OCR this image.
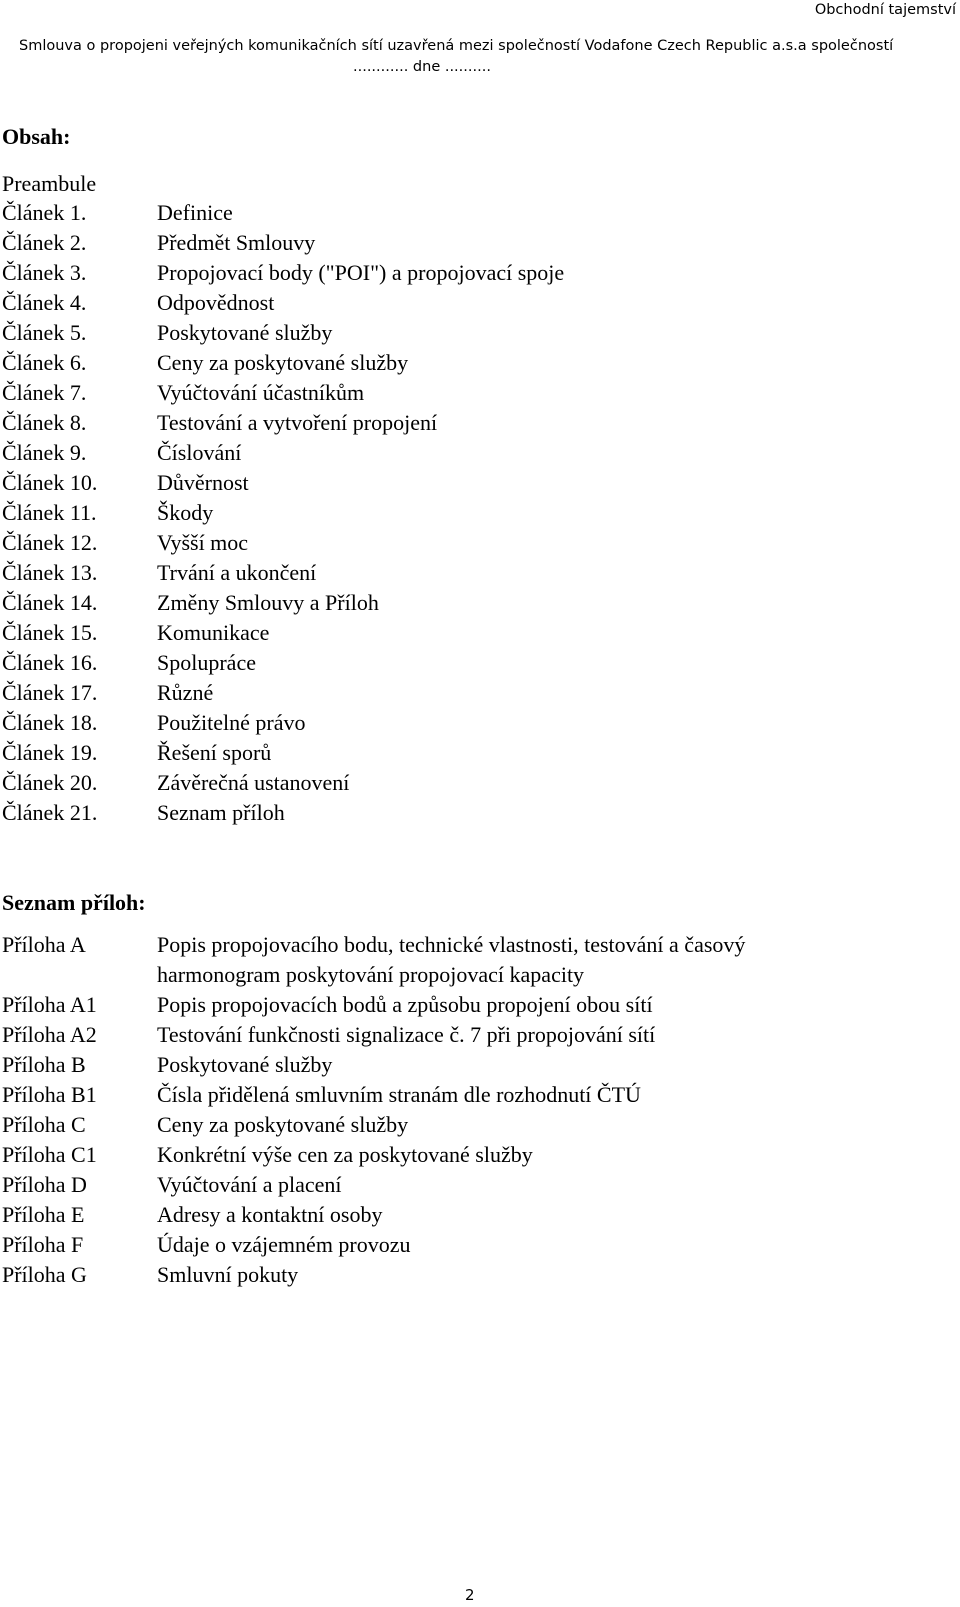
Obchodní tajemství
Smlouva o propojeni veřejných komunikačních sítí uzavřená mezi společností Vodafone Czech Republic a.s.a společností
............ dne ..........
Obsah:
Preambule
Článek 1.	Definice
Článek 2.	Předmět Smlouvy
Článek 3.	Propojovací body ("POI") a propojovací spoje
Článek 4.	Odpovědnost
Článek 5.	Poskytované služby
Článek 6.	Ceny za poskytované služby
Článek 7.	Vyúčtování účastníkům
Článek 8.	Testování a vytvoření propojení
Článek 9.	Číslování
Článek 10.	Důvěrnost
Článek 11.	Škody
Článek 12.	Vyšší moc
Článek 13.	Trvání a ukončení
Článek 14.	Změny Smlouvy a Příloh
Článek 15.	Komunikace
Článek 16.	Spolupráce
Článek 17.	Různé
Článek 18.	Použitelné právo
Článek 19.	Řešení sporů
Článek 20.	Závěrečná ustanovení
Článek 21.	Seznam příloh
Seznam příloh:
Příloha A	Popis propojovacího bodu, technické vlastnosti, testování a časový harmonogram poskytování propojovací kapacity
Příloha A1	Popis propojovacích bodů a způsobu propojení obou sítí
Příloha A2	Testování funkčnosti signalizace č. 7 při propojování sítí
Příloha B	Poskytované služby
Příloha B1	Čísla přidělená smluvním stranám dle rozhodnutí ČTÚ
Příloha C	Ceny za poskytované služby
Příloha C1	Konkrétní výše cen za poskytované služby
Příloha D	Vyúčtování a placení
Příloha E	Adresy a kontaktní osoby
Příloha F	Údaje o vzájemném provozu
Příloha G	Smluvní pokuty
2
